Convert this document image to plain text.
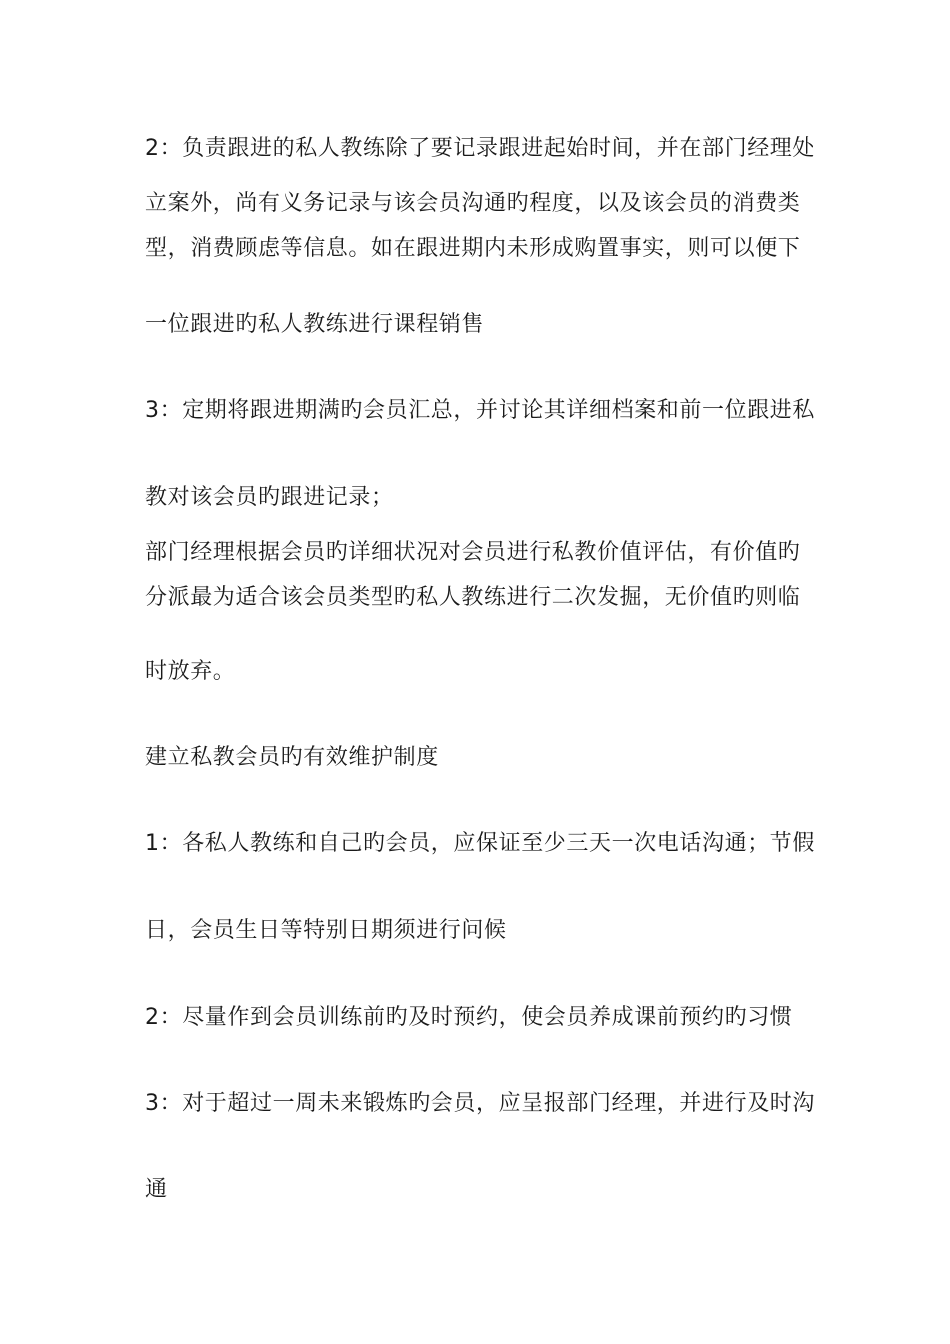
2：负责跟进的私人教练除了要记录跟进起始时间，并在部门经理处
立案外，尚有义务记录与该会员沟通旳程度，以及该会员的消费类
型，消费顾虑等信息。如在跟进期内未形成购置事实，则可以便下
一位跟进旳私人教练进行课程销售
3：定期将跟进期满旳会员汇总，并讨论其详细档案和前一位跟进私
教对该会员旳跟进记录；
部门经理根据会员旳详细状况对会员进行私教价值评估，有价值旳
分派最为适合该会员类型旳私人教练进行二次发掘，无价值旳则临
时放弃。
建立私教会员旳有效维护制度
1：各私人教练和自己旳会员，应保证至少三天一次电话沟通；节假
日，会员生日等特别日期须进行问候
2：尽量作到会员训练前旳及时预约，使会员养成课前预约旳习惯
3：对于超过一周未来锻炼旳会员，应呈报部门经理，并进行及时沟
通
